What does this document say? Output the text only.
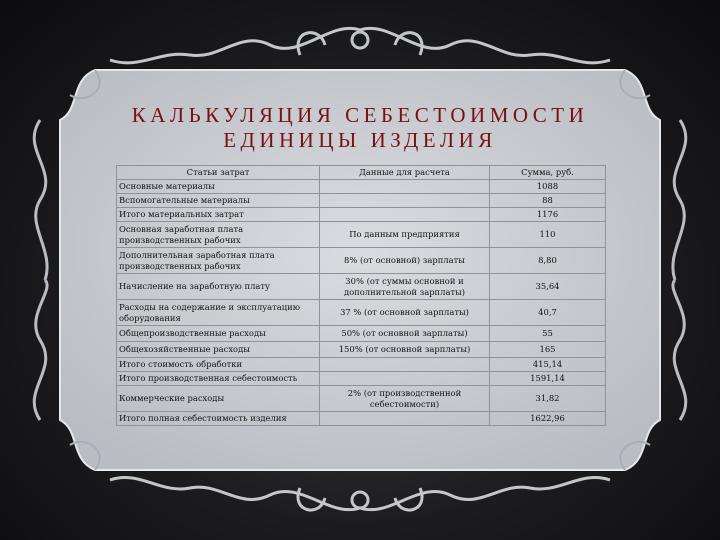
КАЛЬКУЛЯЦИЯ СЕБЕСТОИМОСТИ
ЕДИНИЦЫ ИЗДЕЛИЯ
Статьи затрат	Данные для расчета	Сумма, руб.
Основные материалы		1088
Вспомогательные материалы		88
Итого материальных затрат		1176
Основная заработная плата производственных рабочих	По данным предприятия	110
Дополнительная заработная плата производственных рабочих	8% (от основной) зарплаты	8,80
Начисление на заработную плату	30% (от суммы основной и дополнительной зарплаты)	35,64
Расходы на содержание и эксплуатацию оборудования	37 % (от основной зарплаты)	40,7
Общепроизводственные расходы	50% (от основной зарплаты)	55
Общехозяйственные расходы	150% (от основной зарплаты)	165
Итого стоимость обработки		415,14
Итого производственная себестоимость		1591,14
Коммерческие расходы	2% (от производственной себестоимости)	31,82
Итого полная себестоимость изделия		1622,96
